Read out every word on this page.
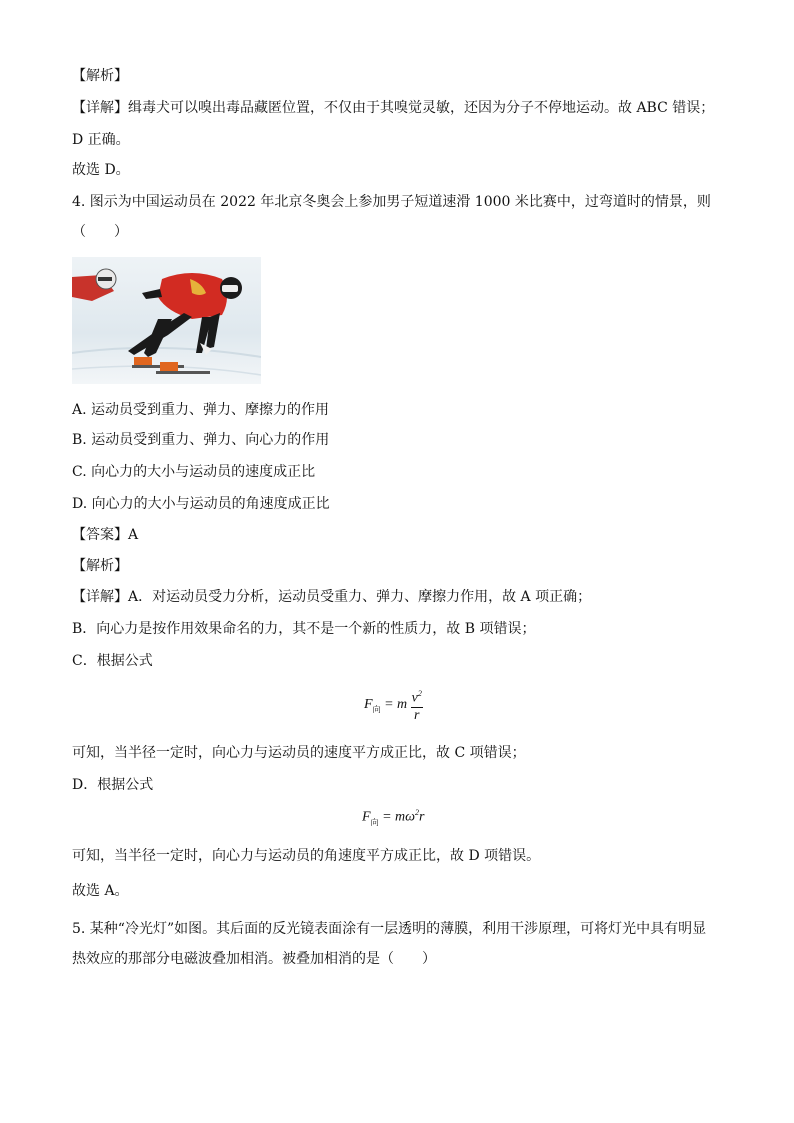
【解析】
【详解】缉毒犬可以嗅出毒品藏匿位置，不仅由于其嗅觉灵敏，还因为分子不停地运动。故 ABC 错误；
D 正确。
故选 D。
4. 图示为中国运动员在 2022 年北京冬奥会上参加男子短道速滑 1000 米比赛中，过弯道时的情景，则
（　　）
A. 运动员受到重力、弹力、摩擦力的作用
B. 运动员受到重力、弹力、向心力的作用
C. 向心力的大小与运动员的速度成正比
D. 向心力的大小与运动员的角速度成正比
【答案】A
【解析】
【详解】A．对运动员受力分析，运动员受重力、弹力、摩擦力作用，故 A 项正确；
B．向心力是按作用效果命名的力，其不是一个新的性质力，故 B 项错误；
C．根据公式
$F_向 = m \frac{v^2}{r}$
可知，当半径一定时，向心力与运动员的速度平方成正比，故 C 项错误；
D．根据公式
$F_向 = m\omega^2r$
可知，当半径一定时，向心力与运动员的角速度平方成正比，故 D 项错误。
故选 A。
5. 某种“冷光灯”如图。其后面的反光镜表面涂有一层透明的薄膜，利用干涉原理，可将灯光中具有明显
热效应的那部分电磁波叠加相消。被叠加相消的是（　　）
